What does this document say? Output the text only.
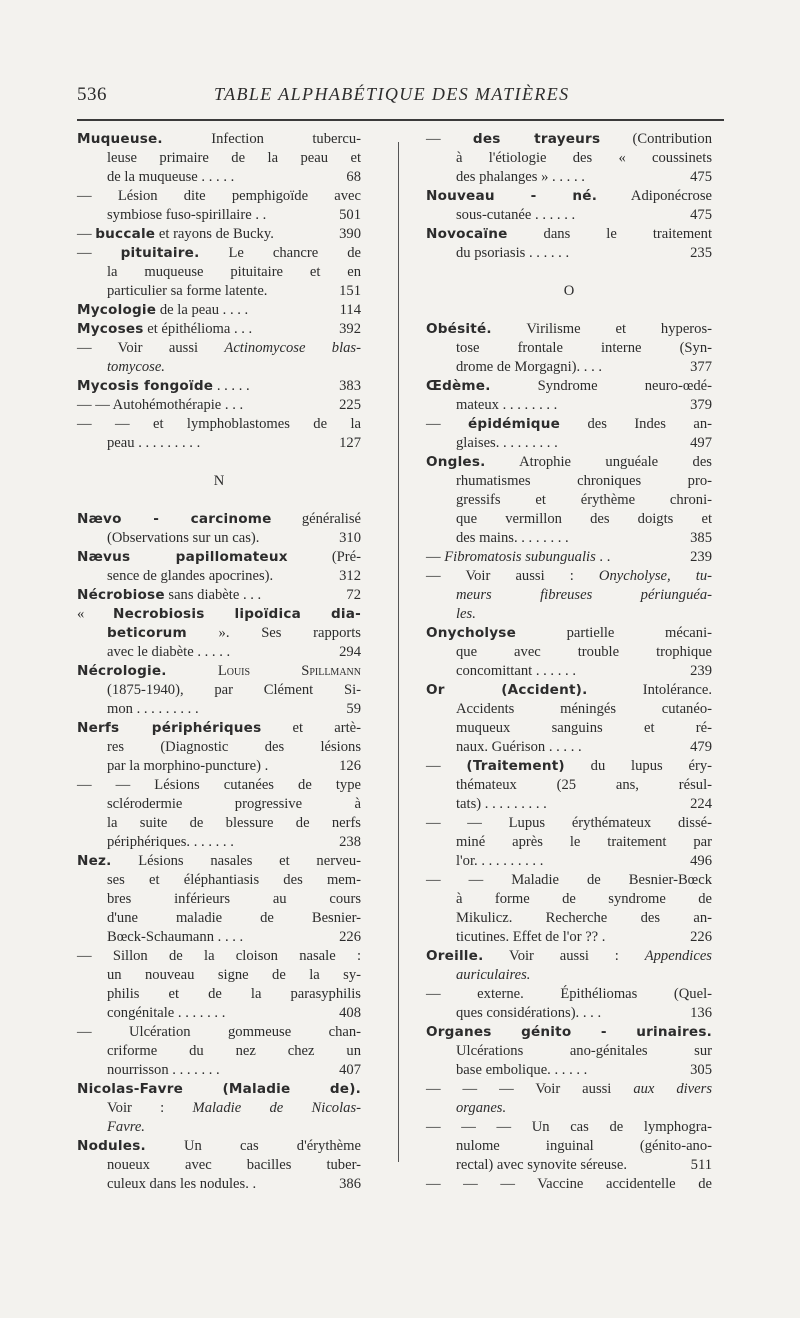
536	TABLE ALPHABÉTIQUE DES MATIÈRES
Muqueuse. Infection tubercu-
leuse primaire de la peau et
de la muqueuse . . . . .	68
— Lésion dite pemphigoïde avec
symbiose fuso-spirillaire . .	501
— buccale et rayons de Bucky.	390
— pituitaire. Le chancre de
la muqueuse pituitaire et en
particulier sa forme latente.	151
Mycologie de la peau . . . .	114
Mycoses et épithélioma . . .	392
— Voir aussi Actinomycose blas-
tomycose.
Mycosis fongoïde . . . . .	383
— — Autohémothérapie . . .	225
— — et lymphoblastomes de la
peau . . . . . . . . .	127
N
Nævo - carcinome généralisé
(Observations sur un cas).	310
Nævus papillomateux (Pré-
sence de glandes apocrines).	312
Nécrobiose sans diabète . . .	72
« Necrobiosis lipoïdica dia-
beticorum ». Ses rapports
avec le diabète . . . . .	294
Nécrologie.	Louis Spillmann
(1875-1940), par Clément Si-
mon . . . . . . . . .	59
Nerfs périphériques et artè-
res (Diagnostic des lésions
par la morphino-puncture) .	126
— — Lésions cutanées de type
sclérodermie progressive à
la suite de blessure de nerfs
périphériques. . . . . . .	238
Nez. Lésions nasales et nerveu-
ses et éléphantiasis des mem-
bres inférieurs au cours
d'une maladie de Besnier-
Bœck-Schaumann . . . .	226
— Sillon de la cloison nasale :
un nouveau signe de la sy-
philis et de la parasyphilis
congénitale . . . . . . .	408
— Ulcération gommeuse chan-
criforme du nez chez un
nourrisson . . . . . . .	407
Nicolas-Favre (Maladie de).
Voir : Maladie de Nicolas-
Favre.
Nodules. Un cas d'érythème
noueux avec bacilles tuber-
culeux dans les nodules. .	386
— des trayeurs (Contribution
à l'étiologie des « coussinets
des phalanges » . . . . .	475
Nouveau - né. Adiponécrose
sous-cutanée . . . . . .	475
Novocaïne dans le traitement
du psoriasis . . . . . .	235
O
Obésité. Virilisme et hyperos-
tose frontale interne (Syn-
drome de Morgagni). . . .	377
Œdème. Syndrome neuro-œdé-
mateux . . . . . . . .	379
— épidémique des Indes an-
glaises. . . . . . . . .	497
Ongles. Atrophie unguéale des
rhumatismes chroniques pro-
gressifs et érythème chroni-
que vermillon des doigts et
des mains. . . . . . . .	385
— Fibromatosis subungualis . .	239
— Voir aussi : Onycholyse, tu-
meurs fibreuses périunguéa-
les.
Onycholyse partielle mécani-
que avec trouble trophique
concomittant . . . . . .	239
Or (Accident). Intolérance.
Accidents méningés cutanéo-
muqueux sanguins et ré-
naux. Guérison . . . . .	479
— (Traitement) du lupus éry-
thémateux (25 ans, résul-
tats) . . . . . . . . .	224
— — Lupus érythémateux dissé-
miné après le traitement par
l'or. . . . . . . . . .	496
— — Maladie de Besnier-Bœck
à forme de syndrome de
Mikulicz. Recherche des an-
ticutines. Effet de l'or ?? .	226
Oreille. Voir aussi : Appendices
auriculaires.
— externe. Épithéliomas (Quel-
ques considérations). . . .	136
Organes génito - urinaires.
Ulcérations ano-génitales sur
base embolique. . . . . .	305
— — — Voir aussi aux divers
organes.
— — — Un cas de lymphogra-
nulome inguinal (génito-ano-
rectal) avec synovite séreuse.	511
— — — Vaccine accidentelle de
